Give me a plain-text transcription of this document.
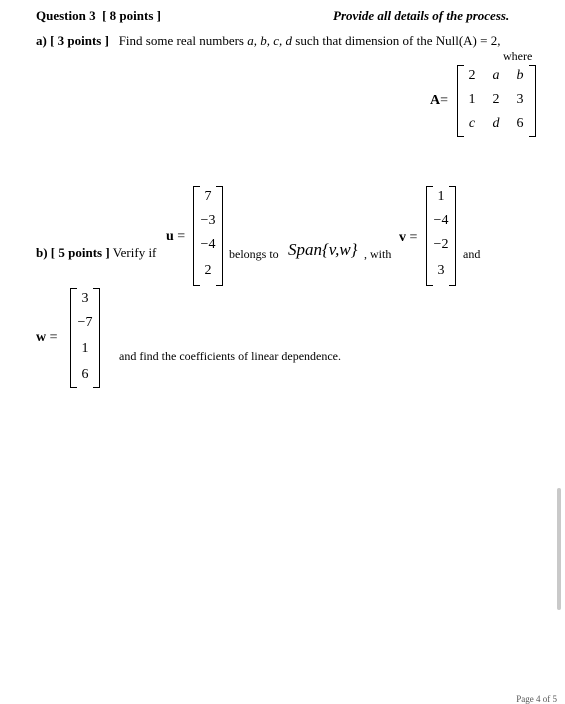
Question 3 [ 8 points ]	Provide all details of the process.
a) [ 3 points ] Find some real numbers a, b, c, d such that dimension of the Null(A) = 2,
where
A=
2	a	b
1	2	3
c	d	6
b) [ 5 points ] Verify if
u =
7
−3
−4
2
belongs to Span{v,w} , with
v =
1
−4
−2
3
and
w =
3
−7
1
6
and find the coefficients of linear dependence.
Page 4 of 5
